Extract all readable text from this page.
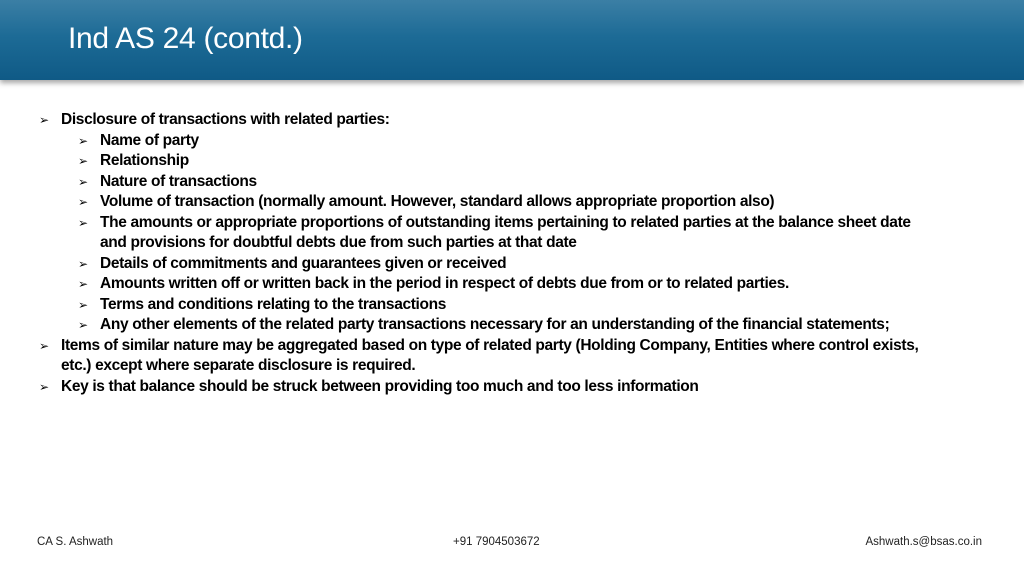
Ind AS 24 (contd.)
➢ Disclosure of transactions with related parties:
➢ Name of party
➢ Relationship
➢ Nature of transactions
➢ Volume of transaction (normally amount. However, standard allows appropriate proportion also)
➢ The amounts or appropriate proportions of outstanding items pertaining to related parties at the balance sheet date
and provisions for doubtful debts due from such parties at that date
➢ Details of commitments and guarantees given or received
➢ Amounts written off or written back in the period in respect of debts due from or to related parties.
➢ Terms and conditions relating to the transactions
➢ Any other elements of the related party transactions necessary for an understanding of the financial statements;
➢ Items of similar nature may be aggregated based on type of related party (Holding Company, Entities where control exists,
etc.) except where separate disclosure is required.
➢ Key is that balance should be struck between providing too much and too less information
CA S. Ashwath	+91 7904503672	Ashwath.s@bsas.co.in
